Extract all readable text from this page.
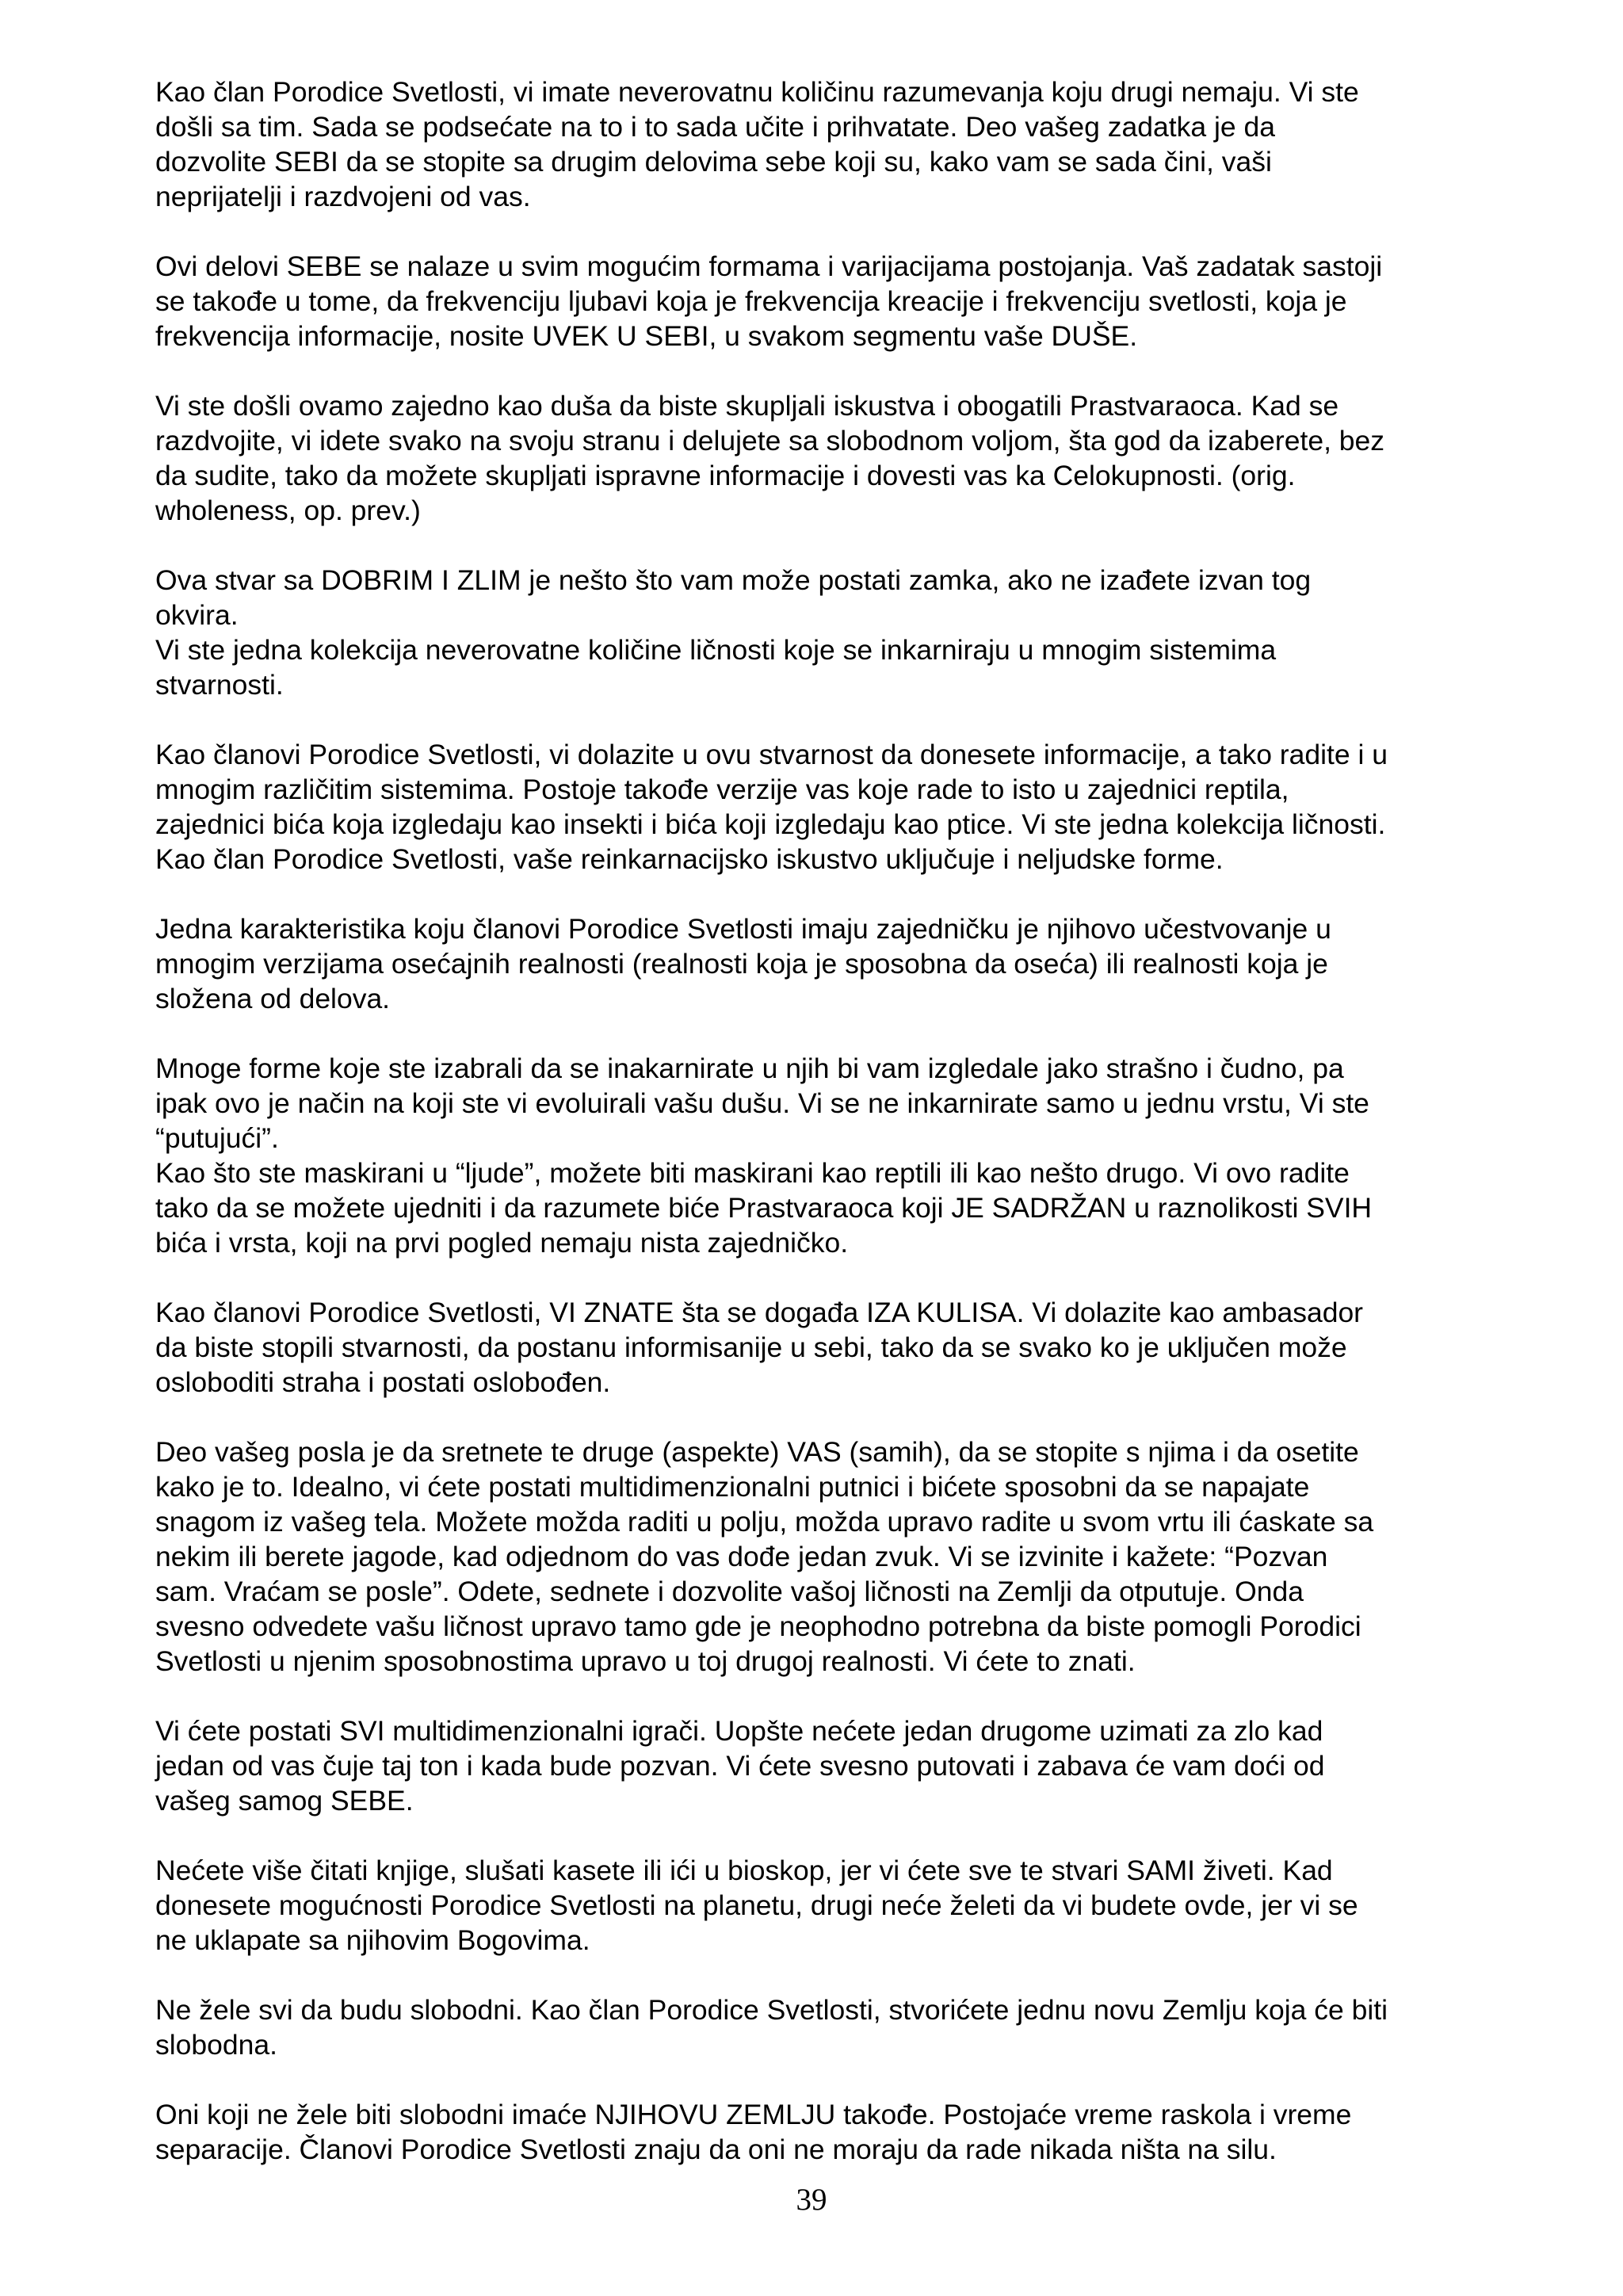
Kao član Porodice Svetlosti, vi imate neverovatnu količinu razumevanja koju drugi nemaju. Vi ste
došli sa tim. Sada se podsećate na to i to sada učite i prihvatate. Deo vašeg zadatka je da
dozvolite SEBI da se stopite sa drugim delovima sebe koji su, kako vam se sada čini, vaši
neprijatelji i razdvojeni od vas.
Ovi delovi SEBE se nalaze u svim mogućim formama i varijacijama postojanja. Vaš zadatak sastoji
se takođe u tome, da frekvenciju ljubavi koja je frekvencija kreacije i frekvenciju svetlosti, koja je
frekvencija informacije, nosite UVEK U SEBI, u svakom segmentu vaše DUŠE.
Vi ste došli ovamo zajedno kao duša da biste skupljali iskustva i obogatili Prastvaraoca. Kad se
razdvojite, vi idete svako na svoju stranu i delujete sa slobodnom voljom, šta god da izaberete, bez
da sudite, tako da možete skupljati ispravne informacije i dovesti vas ka Celokupnosti. (orig.
wholeness, op. prev.)
Ova stvar sa DOBRIM I ZLIM je nešto što vam može postati zamka, ako ne izađete izvan tog
okvira.
Vi ste jedna kolekcija neverovatne količine ličnosti koje se inkarniraju u mnogim sistemima
stvarnosti.
Kao članovi Porodice Svetlosti, vi dolazite u ovu stvarnost da donesete informacije, a tako radite i u
mnogim različitim sistemima. Postoje takođe verzije vas koje rade to isto u zajednici reptila,
zajednici bića koja izgledaju kao insekti i bića koji izgledaju kao ptice. Vi ste jedna kolekcija ličnosti.
Kao član Porodice Svetlosti, vaše reinkarnacijsko iskustvo uključuje i neljudske forme.
Jedna karakteristika koju članovi Porodice Svetlosti imaju zajedničku je njihovo učestvovanje u
mnogim verzijama osećajnih realnosti (realnosti koja je sposobna da oseća) ili realnosti koja je
složena od delova.
Mnoge forme koje ste izabrali da se inakarnirate u njih bi vam izgledale jako strašno i čudno, pa
ipak ovo je način na koji ste vi evoluirali vašu dušu. Vi se ne inkarnirate samo u jednu vrstu, Vi ste
“putujući”.
Kao što ste maskirani u “ljude”, možete biti maskirani kao reptili ili kao nešto drugo. Vi ovo radite
tako da se možete ujedniti i da razumete biće Prastvaraoca koji JE SADRŽAN u raznolikosti SVIH
bića i vrsta, koji na prvi pogled nemaju nista zajedničko.
Kao članovi Porodice Svetlosti, VI ZNATE šta se događa IZA KULISA. Vi dolazite kao ambasador
da biste stopili stvarnosti, da postanu informisanije u sebi, tako da se svako ko je uključen može
osloboditi straha i postati oslobođen.
Deo vašeg posla je da sretnete te druge (aspekte) VAS (samih), da se stopite s njima i da osetite
kako je to. Idealno, vi ćete postati multidimenzionalni putnici i bićete sposobni da se napajate
snagom iz vašeg tela. Možete možda raditi u polju, možda upravo radite u svom vrtu ili ćaskate sa
nekim ili berete jagode, kad odjednom do vas dođe jedan zvuk. Vi se izvinite i kažete: “Pozvan
sam. Vraćam se posle”. Odete, sednete i dozvolite vašoj ličnosti na Zemlji da otputuje. Onda
svesno odvedete vašu ličnost upravo tamo gde je neophodno potrebna da biste pomogli Porodici
Svetlosti u njenim sposobnostima upravo u toj drugoj realnosti. Vi ćete to znati.
Vi ćete postati SVI multidimenzionalni igrači. Uopšte nećete jedan drugome uzimati za zlo kad
jedan od vas čuje taj ton i kada bude pozvan. Vi ćete svesno putovati i zabava će vam doći od
vašeg samog SEBE.
Nećete više čitati knjige, slušati kasete ili ići u bioskop, jer vi ćete sve te stvari SAMI živeti. Kad
donesete mogućnosti Porodice Svetlosti na planetu, drugi neće želeti da vi budete ovde, jer vi se
ne uklapate sa njihovim Bogovima.
Ne žele svi da budu slobodni. Kao član Porodice Svetlosti, stvorićete jednu novu Zemlju koja će biti
slobodna.
Oni koji ne žele biti slobodni imaće NJIHOVU ZEMLJU takođe. Postojaće vreme raskola i vreme
separacije. Članovi Porodice Svetlosti znaju da oni ne moraju da rade nikada ništa na silu.
39
